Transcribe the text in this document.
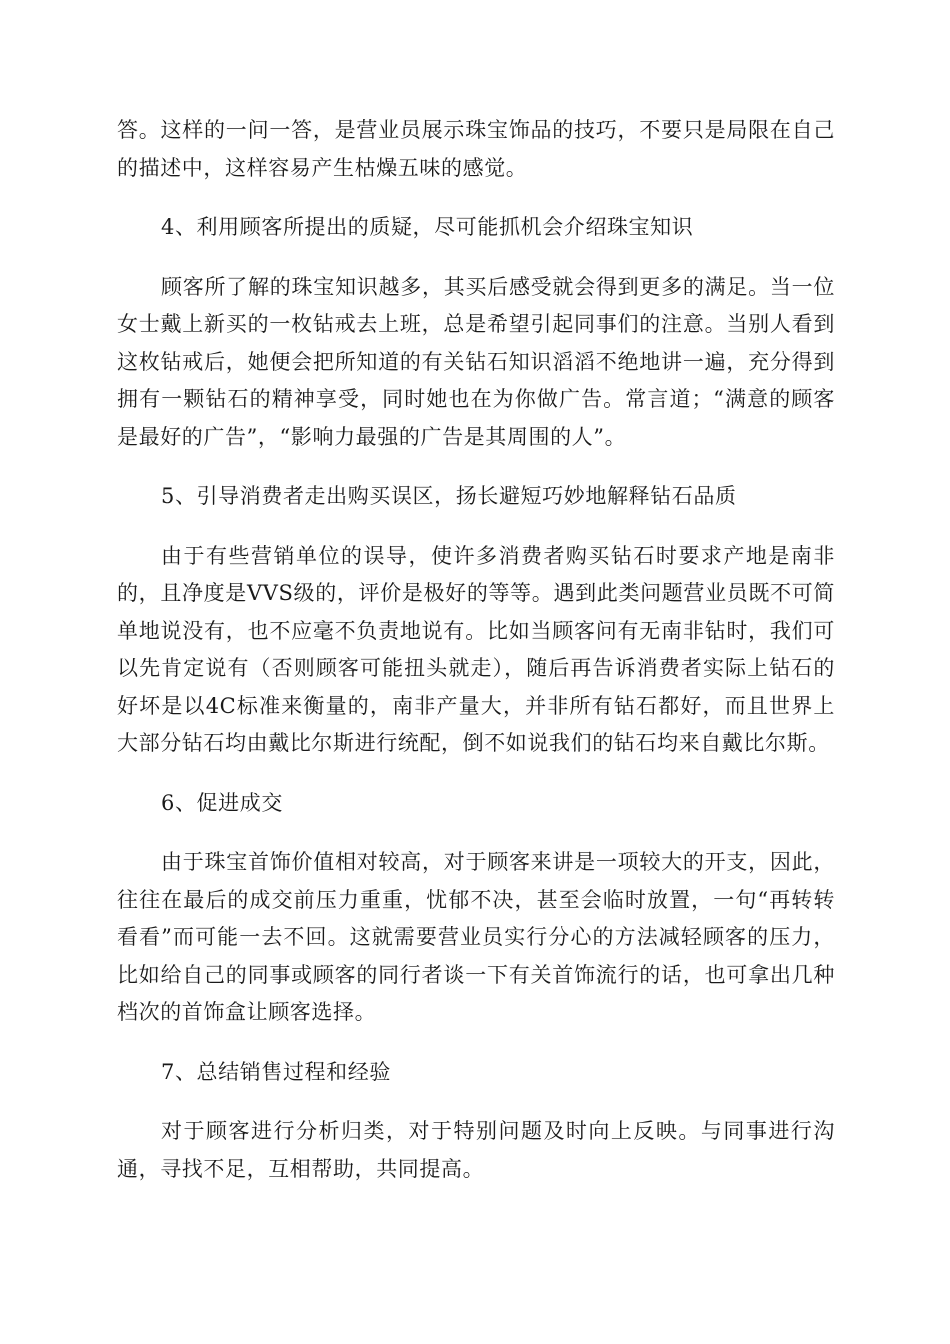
答。这样的一问一答，是营业员展示珠宝饰品的技巧，不要只是局限在自己的描述中，这样容易产生枯燥五味的感觉。

4、利用顾客所提出的质疑，尽可能抓机会介绍珠宝知识

顾客所了解的珠宝知识越多，其买后感受就会得到更多的满足。当一位女士戴上新买的一枚钻戒去上班，总是希望引起同事们的注意。当别人看到这枚钻戒后，她便会把所知道的有关钻石知识滔滔不绝地讲一遍，充分得到拥有一颗钻石的精神享受，同时她也在为你做广告。常言道；“满意的顾客是最好的广告”，“影响力最强的广告是其周围的人”。

5、引导消费者走出购买误区，扬长避短巧妙地解释钻石品质

由于有些营销单位的误导，使许多消费者购买钻石时要求产地是南非的，且净度是VVS级的，评价是极好的等等。遇到此类问题营业员既不可简单地说没有，也不应毫不负责地说有。比如当顾客问有无南非钻时，我们可以先肯定说有（否则顾客可能扭头就走），随后再告诉消费者实际上钻石的好坏是以4C标准来衡量的，南非产量大，并非所有钻石都好，而且世界上大部分钻石均由戴比尔斯进行统配，倒不如说我们的钻石均来自戴比尔斯。

6、促进成交

由于珠宝首饰价值相对较高，对于顾客来讲是一项较大的开支，因此，往往在最后的成交前压力重重，忧郁不决，甚至会临时放置，一句“再转转看看”而可能一去不回。这就需要营业员实行分心的方法减轻顾客的压力，比如给自己的同事或顾客的同行者谈一下有关首饰流行的话，也可拿出几种档次的首饰盒让顾客选择。

7、总结销售过程和经验

对于顾客进行分析归类，对于特别问题及时向上反映。与同事进行沟通，寻找不足，互相帮助，共同提高。
